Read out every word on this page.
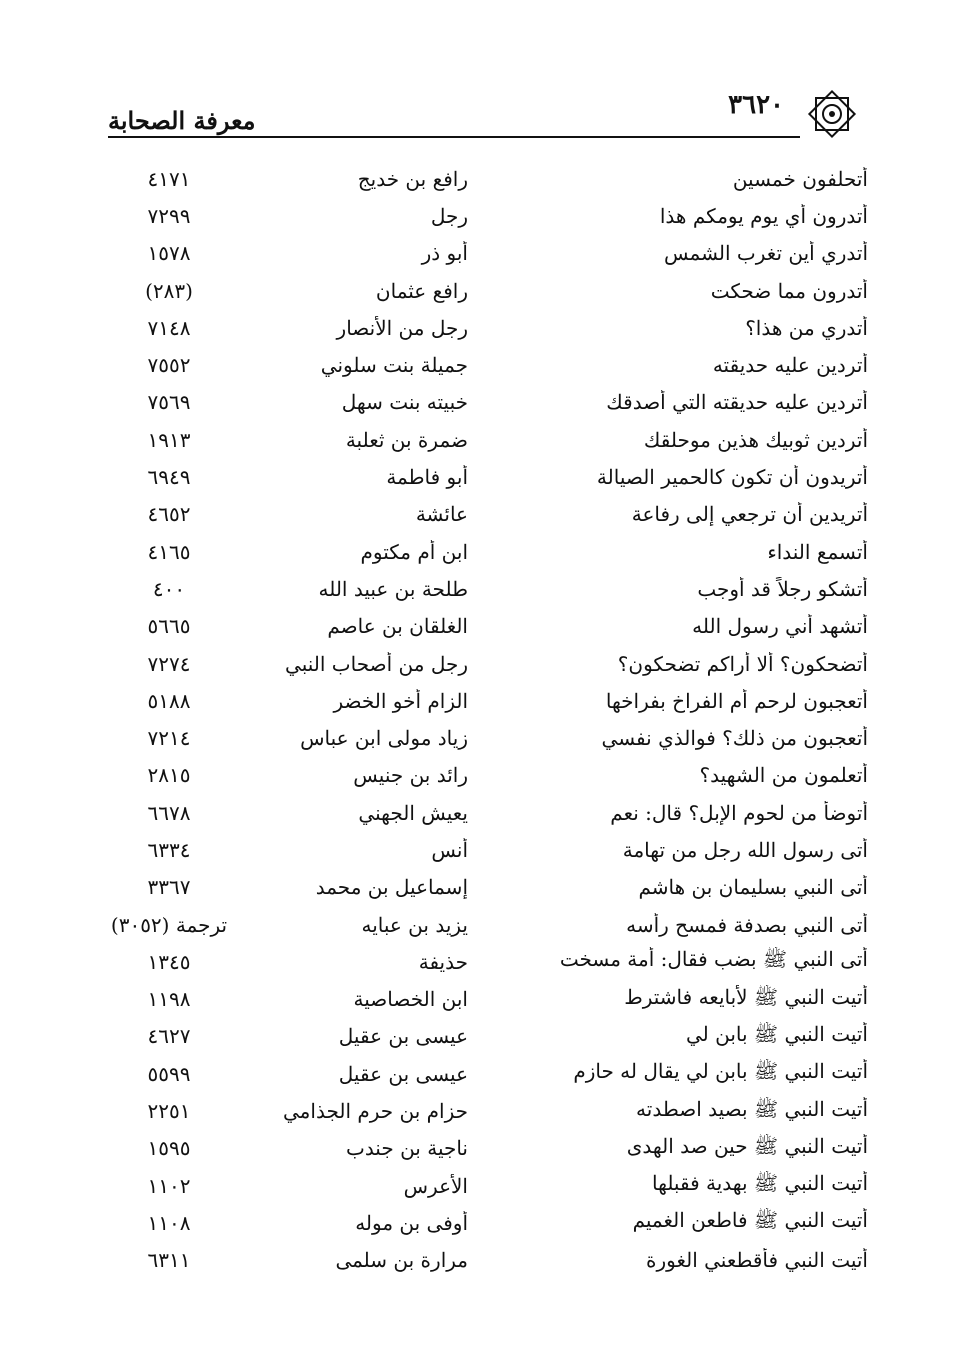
٣٦٢٠
معرفة الصحابة
أتحلفون خمسين
رافع بن خديج
٤١٧١
أتدرون أي يوم يومكم هذا
رجل
٧٢٩٩
أتدري أين تغرب الشمس
أبو ذر
١٥٧٨
أتدرون مما ضحكت
رافع عثمان
(٢٨٣)
أتدري من هذا؟
رجل من الأنصار
٧١٤٨
أتردين عليه حديقته
جميلة بنت سلوني
٧٥٥٢
أتردين عليه حديقته التي أصدقك
خبيته بنت سهل
٧٥٦٩
أتردين ثوبيك هذين موحلقك
ضمرة بن ثعلبة
١٩١٣
أتريدون أن تكون كالحمير الصيالة
أبو فاطمة
٦٩٤٩
أتريدين أن ترجعي إلى رفاعة
عائشة
٤٦٥٢
أتسمع النداء
ابن أم مكتوم
٤١٦٥
أتشكو رجلاً قد أوجب
طلحة بن عبيد الله
٤٠٠
أتشهد أني رسول الله
الغلقان بن عاصم
٥٦٦٥
أتضحكون؟ ألا أراكم تضحكون؟
رجل من أصحاب النبي
٧٢٧٤
أتعجبون لرحم أم الفراخ بفراخها
الزام أخو الخضر
٥١٨٨
أتعجبون من ذلك؟ فوالذي نفسي
زياد مولى ابن عباس
٧٢١٤
أتعلمون من الشهيد؟
رائد بن جنيس
٢٨١٥
أتوضأ من لحوم الإبل؟ قال: نعم
يعيش الجهني
٦٦٧٨
أتى رسول الله رجل من تهامة
أنس
٦٣٣٤
أتى النبي بسليمان بن هاشم
إسماعيل بن محمد
٣٣٦٧
أتى النبي بصدفة فمسح رأسه
يزيد بن عبايه
ترجمة (٣٠٥٢)
أتى النبي ﷺ بضب فقال: أمة مسخت
حذيفة
١٣٤٥
أتيت النبي ﷺ لأبايعه فاشترط
ابن الخصاصية
١١٩٨
أتيت النبي ﷺ بابن لي
عيسى بن عقيل
٤٦٢٧
أتيت النبي ﷺ بابن لي يقال له حازم
عيسى بن عقيل
٥٥٩٩
أتيت النبي ﷺ بصيد اصطدته
حزام بن حرم الجذامي
٢٢٥١
أتيت النبي ﷺ حين صد الهدى
ناجية بن جندب
١٥٩٥
أتيت النبي ﷺ بهدية فقبلها
الأعرس
١١٠٢
أتيت النبي ﷺ فاطعن الغميم
أوفى بن موله
١١٠٨
أتيت النبي فأقطعني الغورة
مرارة بن سلمى
٦٣١١
